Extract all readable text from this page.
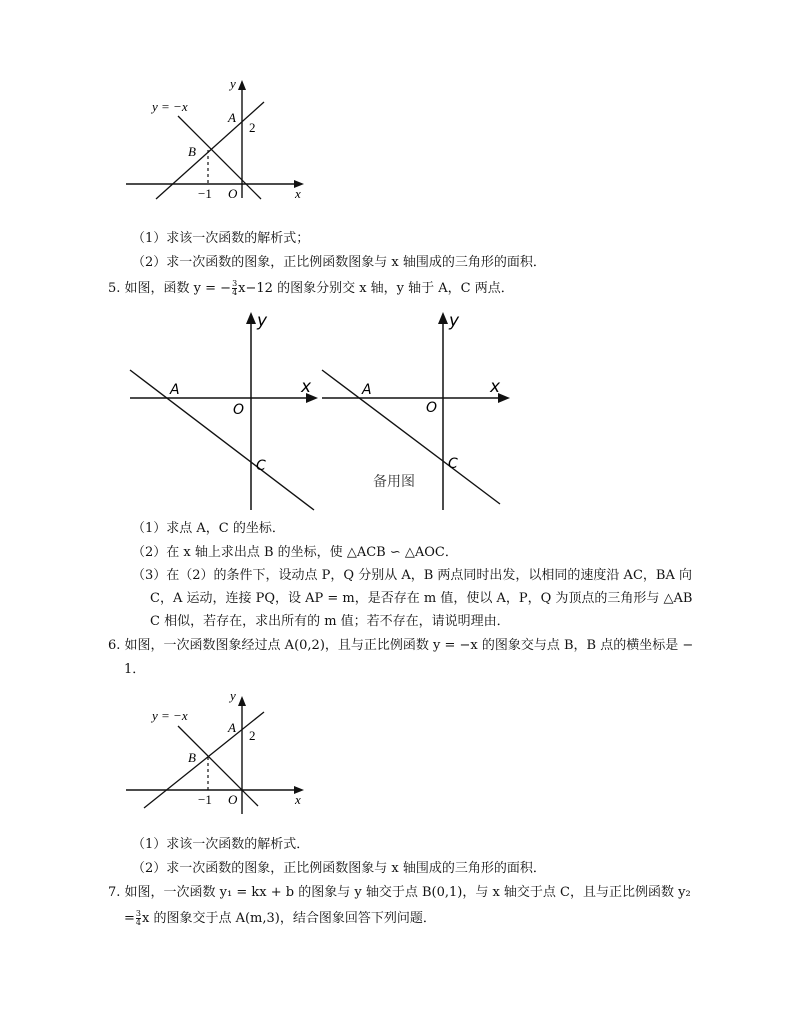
y = −x
A
2
B
−1 O	x
y
（1）求该一次函数的解析式；
（2）求一次函数的图象，正比例函数图象与 x 轴围成的三角形的面积．
5. 如图，函数 y = − $\frac{3}{4} x-12$ 的图象分别交 x 轴，y 轴于 A，C 两点．
y
x
A
O
C
y
x
A
O
C
备用图
（1）求点 A，C 的坐标．
（2）在 x 轴上求出点 B 的坐标，使 △ACB ∽ △AOC．
（3）在（2）的条件下，设动点 P，Q 分别从 A，B 两点同时出发，以相同的速度沿 AC，BA 向
C，A 运动，连接 PQ，设 AP = m，是否存在 m 值，使以 A，P，Q 为顶点的三角形与 △AB
C 相似，若存在，求出所有的 m 值；若不存在，请说明理由．
6. 如图，一次函数图象经过点 A(0,2)，且与正比例函数 y = −x 的图象交与点 B，B 点的横坐标是 −
1．
y = −x
A
2
B
−1 O	x
y
（1）求该一次函数的解析式．
（2）求一次函数的图象，正比例函数图象与 x 轴围成的三角形的面积．
7. 如图，一次函数 y₁ = kx + b 的图象与 y 轴交于点 B(0,1)，与 x 轴交于点 C，且与正比例函数 y₂
= $\frac{3}{4}$ x 的图象交于点 A(m,3)，结合图象回答下列问题．
